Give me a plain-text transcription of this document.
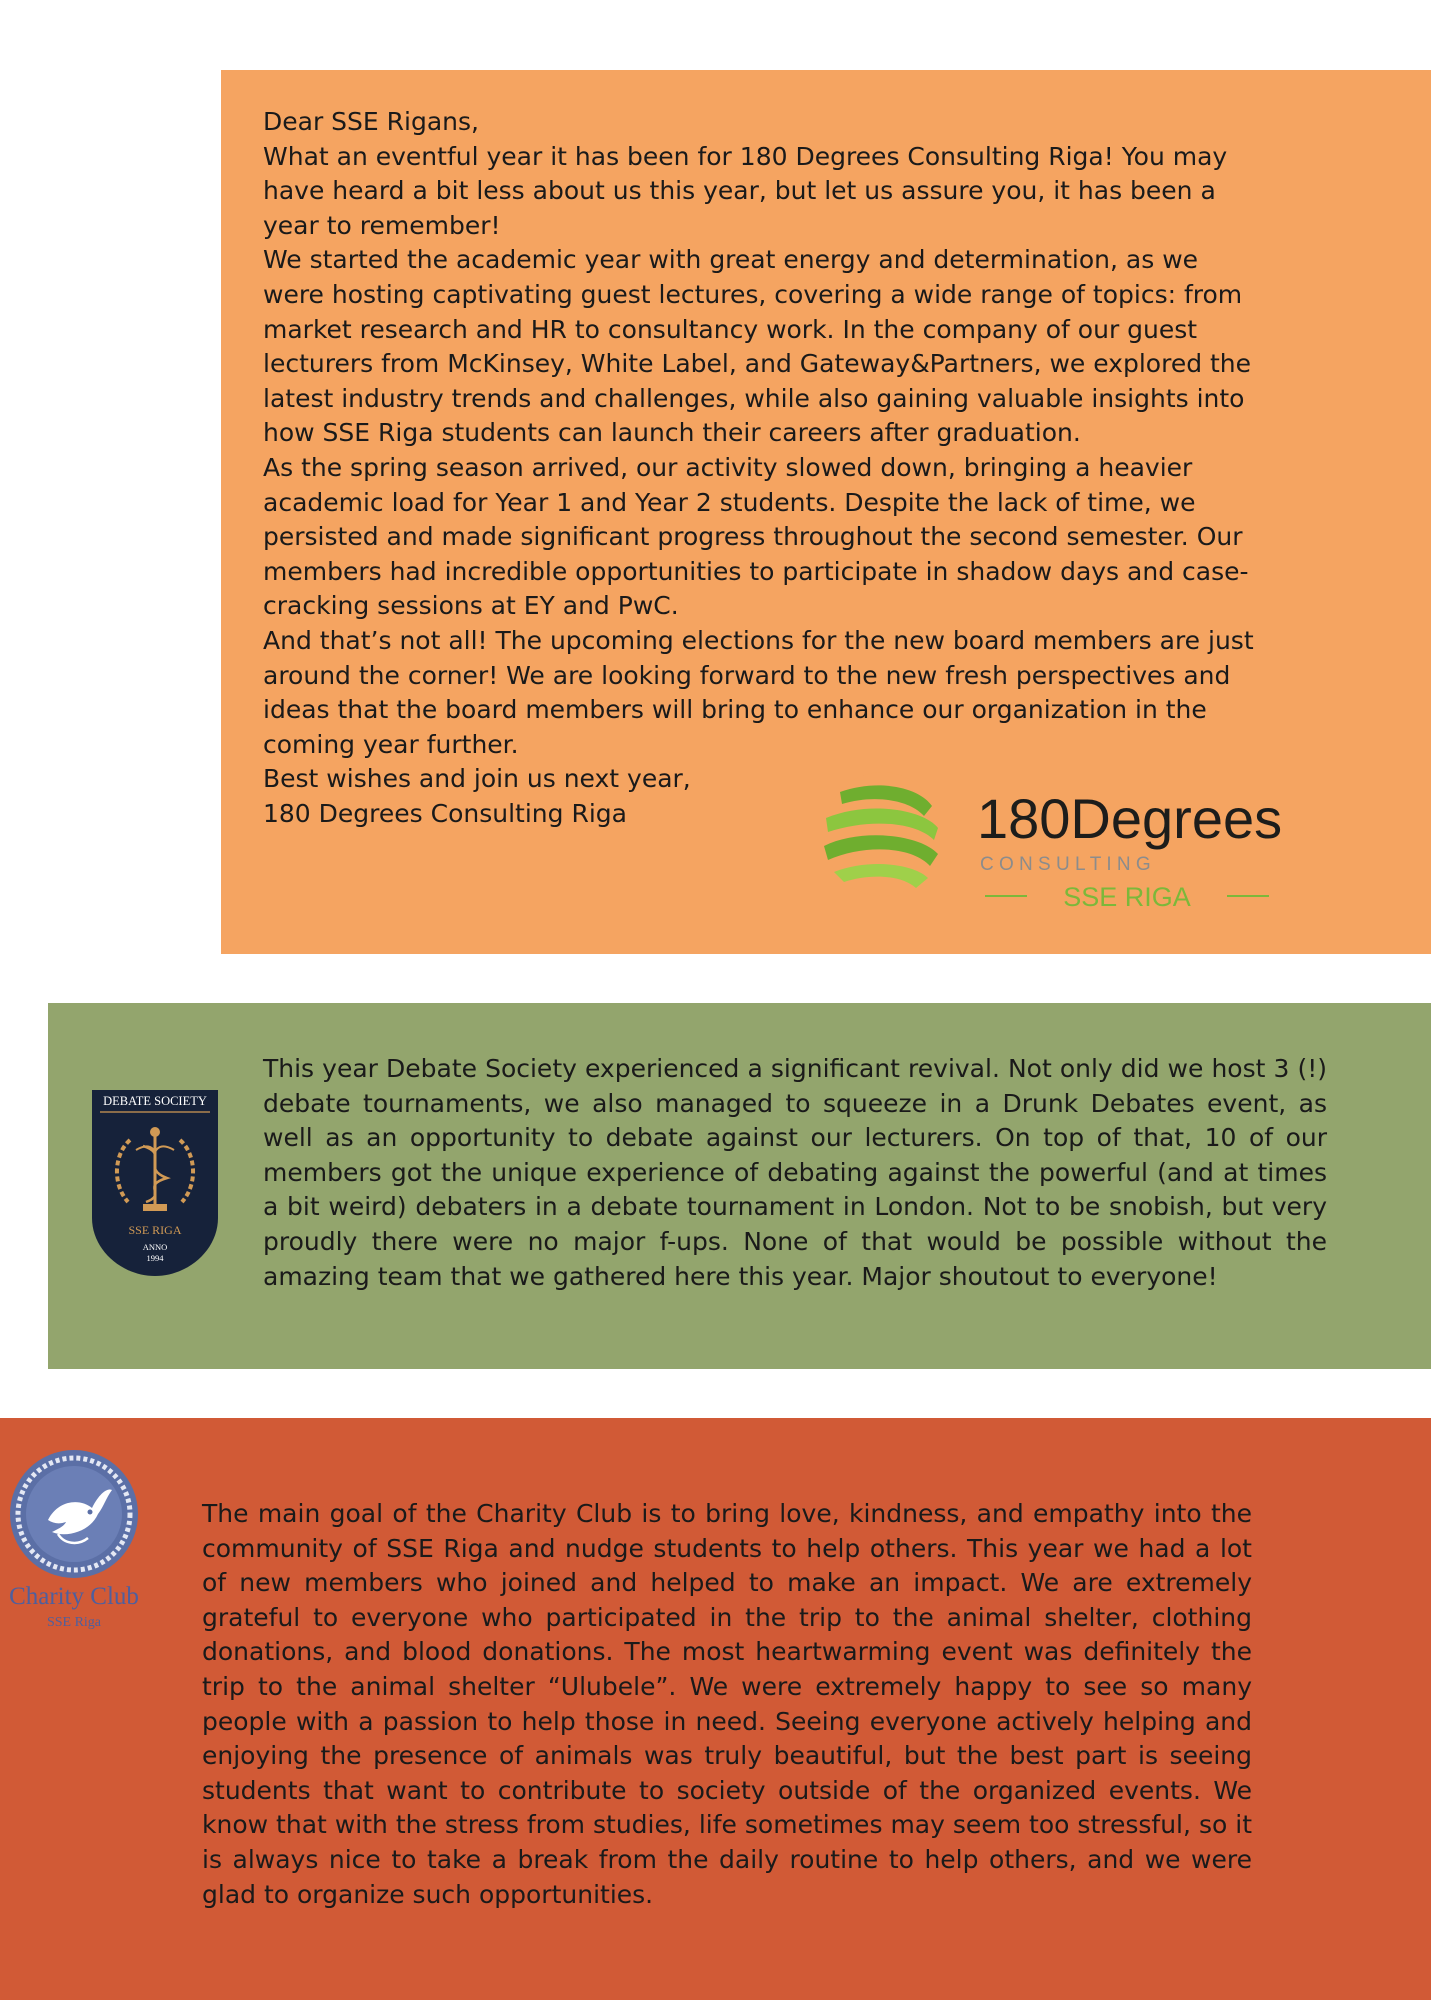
Dear SSE Rigans,

What an eventful year it has been for 180 Degrees Consulting Riga! You may have heard a bit less about us this year, but let us assure you, it has been a year to remember!

We started the academic year with great energy and determination, as we were hosting captivating guest lectures, covering a wide range of topics: from market research and HR to consultancy work. In the company of our guest lecturers from McKinsey, White Label, and Gateway&Partners, we explored the latest industry trends and challenges, while also gaining valuable insights into how SSE Riga students can launch their careers after graduation.

As the spring season arrived, our activity slowed down, bringing a heavier academic load for Year 1 and Year 2 students. Despite the lack of time, we persisted and made significant progress throughout the second semester. Our members had incredible opportunities to participate in shadow days and case-cracking sessions at EY and PwC.

And that’s not all! The upcoming elections for the new board members are just around the corner! We are looking forward to the new fresh perspectives and ideas that the board members will bring to enhance our organization in the coming year further.

Best wishes and join us next year,

180 Degrees Consulting Riga	180Degrees
C O N S U L T I N G
SSE RIGA
DEBATE SOCIETY
SSE RIGA
ANNO
1994

This year Debate Society experienced a significant revival. Not only did we host 3 (!) debate tournaments, we also managed to squeeze in a Drunk Debates event, as well as an opportunity to debate against our lecturers. On top of that, 10 of our members got the unique experience of debating against the powerful (and at times a bit weird) debaters in a debate tournament in London. Not to be snobish, but very proudly there were no major f-ups. None of that would be possible without the amazing team that we gathered here this year. Major shoutout to everyone!

Charity Club
SSE Riga

The main goal of the Charity Club is to bring love, kindness, and empathy into the community of SSE Riga and nudge students to help others. This year we had a lot of new members who joined and helped to make an impact. We are extremely grateful to everyone who participated in the trip to the animal shelter, clothing donations, and blood donations. The most heartwarming event was definitely the trip to the animal shelter “Ulubele”. We were extremely happy to see so many people with a passion to help those in need. Seeing everyone actively helping and enjoying the presence of animals was truly beautiful, but the best part is seeing students that want to contribute to society outside of the organized events. We know that with the stress from studies, life sometimes may seem too stressful, so it is always nice to take a break from the daily routine to help others, and we were glad to organize such opportunities.
